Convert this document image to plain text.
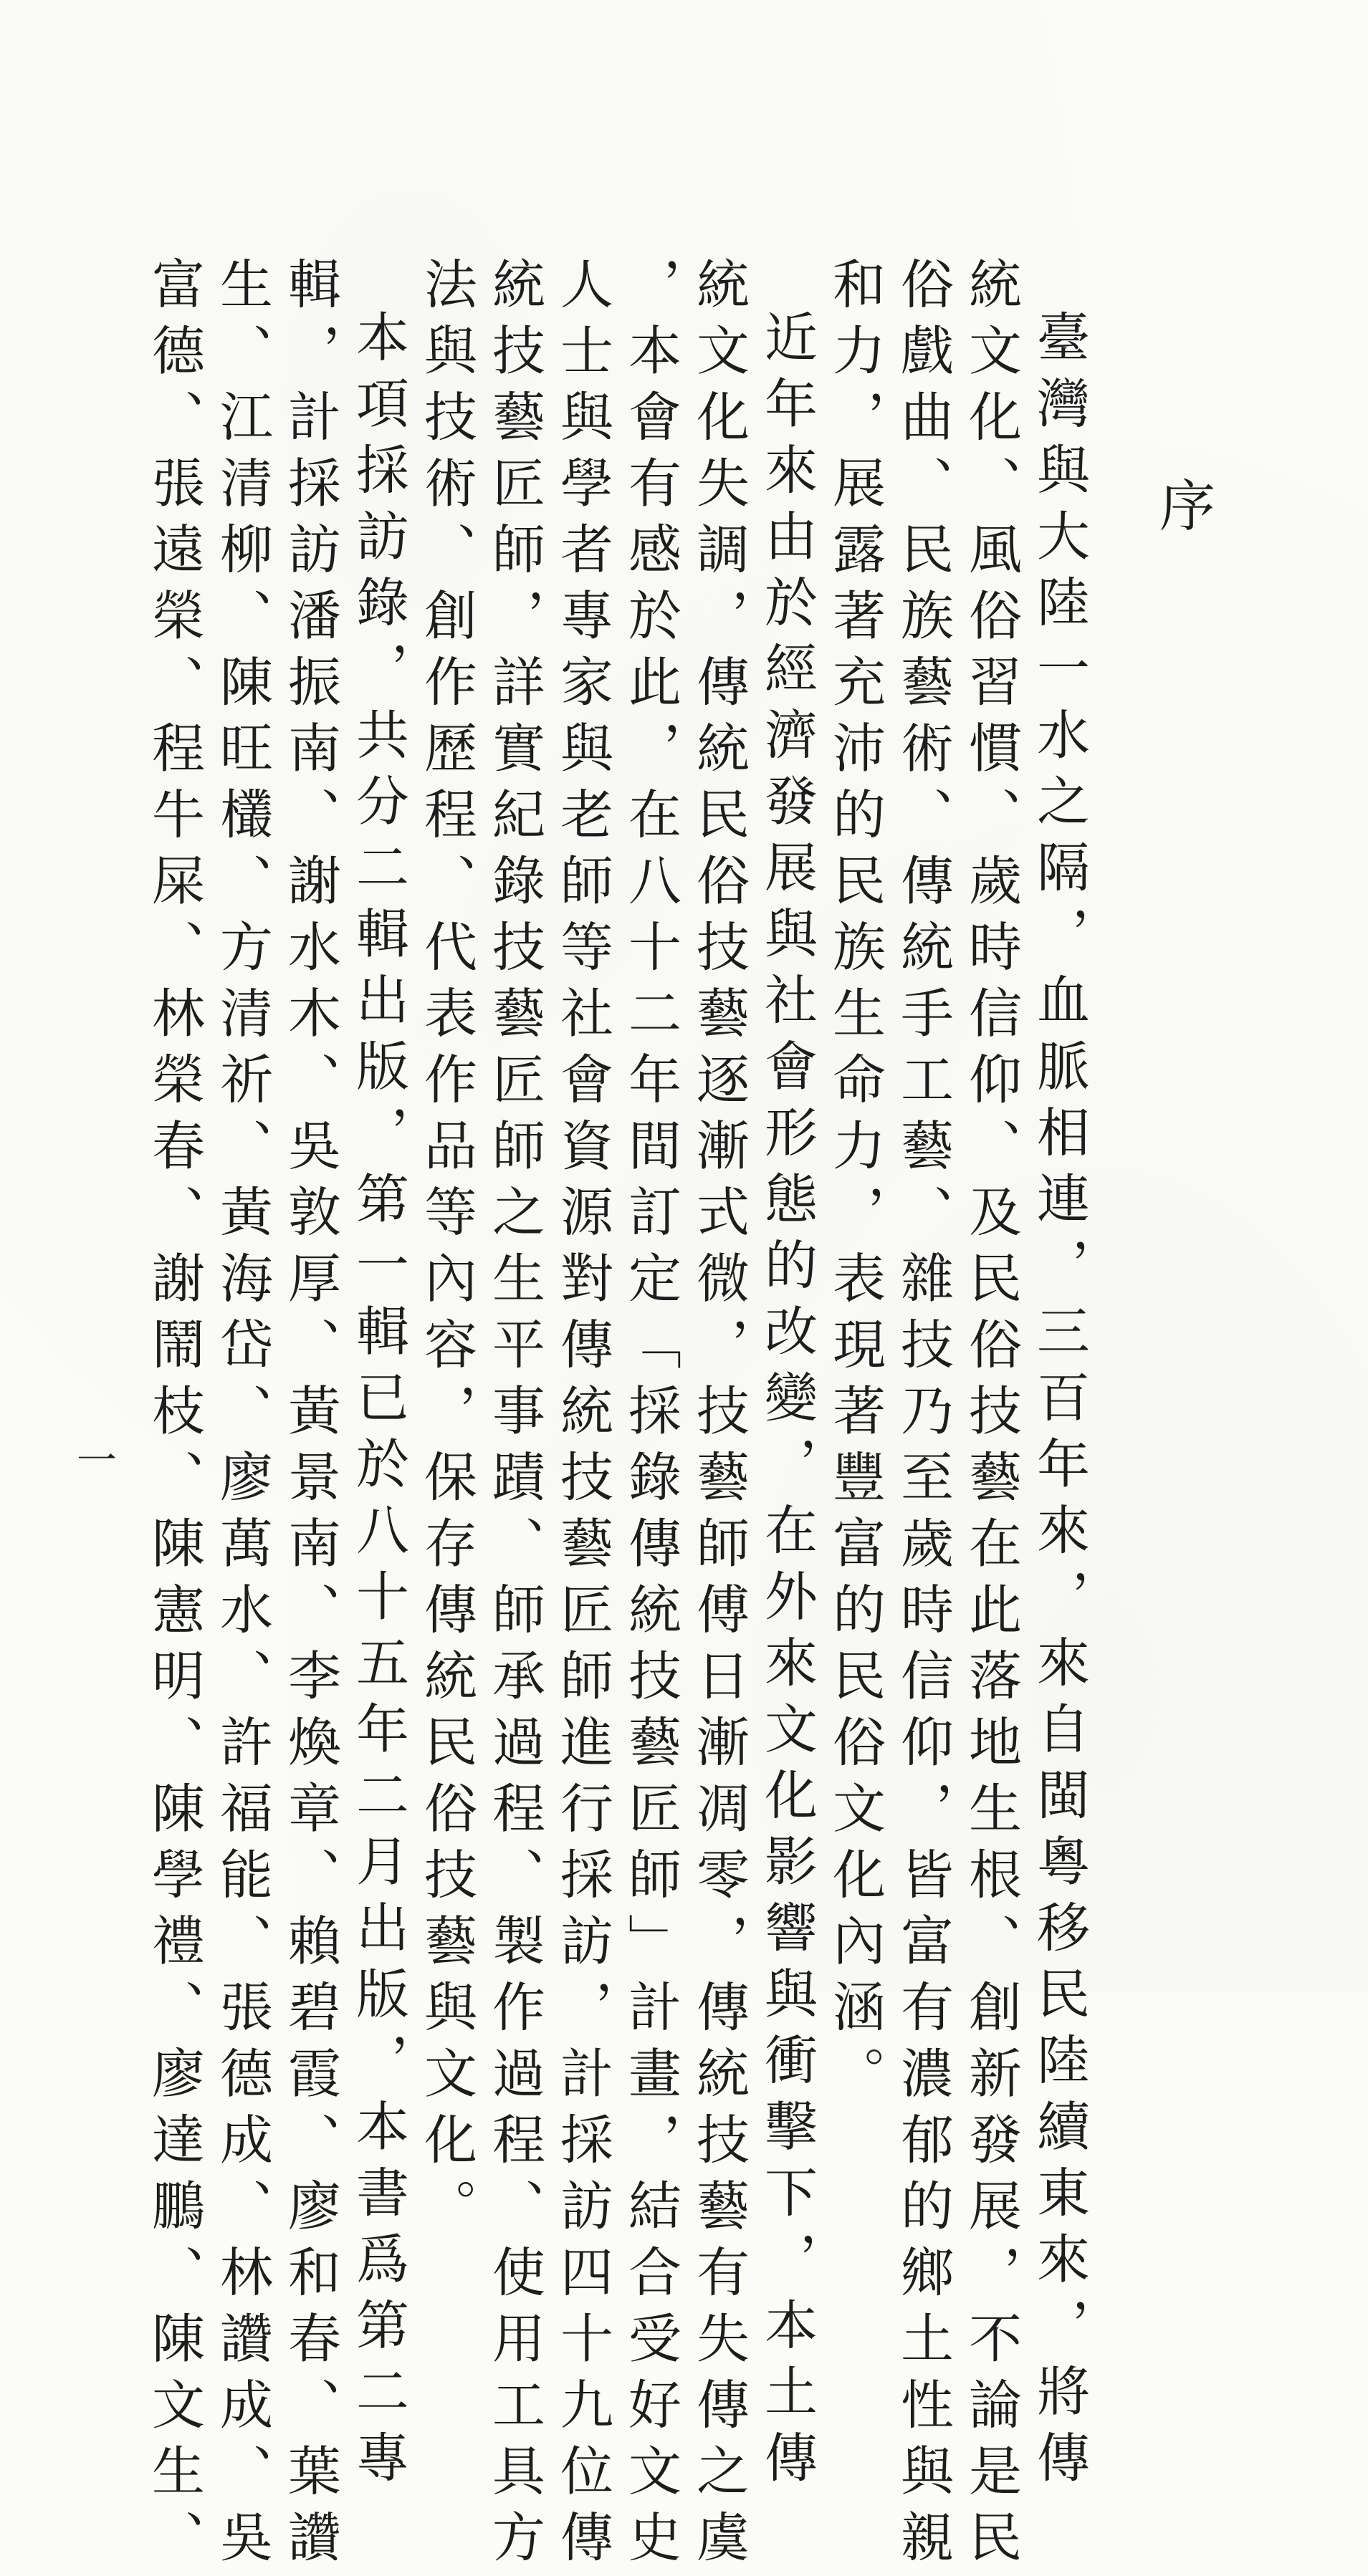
序
臺灣與大陸一水之隔，血脈相連，三百年來，來自閩粵移民陸續東來，將傳
統文化、風俗習慣、歲時信仰、及民俗技藝在此落地生根、創新發展，不論是民
俗戲曲、民族藝術、傳統手工藝、雜技乃至歲時信仰，皆富有濃郁的鄉土性與親
和力，展露著充沛的民族生命力，表現著豐富的民俗文化內涵。
近年來由於經濟發展與社會形態的改變，在外來文化影響與衝擊下，本土傳
統文化失調，傳統民俗技藝逐漸式微，技藝師傅日漸凋零，傳統技藝有失傳之虞
，本會有感於此，在八十二年間訂定「採錄傳統技藝匠師」計畫，結合受好文史
人士與學者專家與老師等社會資源對傳統技藝匠師進行採訪，計採訪四十九位傳
統技藝匠師，詳實紀錄技藝匠師之生平事蹟、師承過程、製作過程、使用工具方
法與技術、創作歷程、代表作品等內容，保存傳統民俗技藝與文化。
本項採訪錄，共分二輯出版，第一輯已於八十五年二月出版，本書爲第二專
輯，計採訪潘振南、謝水木、吳敦厚、黃景南、李煥章、賴碧霞、廖和春、葉讚
生、江清柳、陳旺欉、方清祈、黃海岱、廖萬水、許福能、張德成、林讚成、吳
富德、張遠榮、程牛屎、林榮春、謝鬧枝、陳憲明、陳學禮、廖達鵬、陳文生、
一
